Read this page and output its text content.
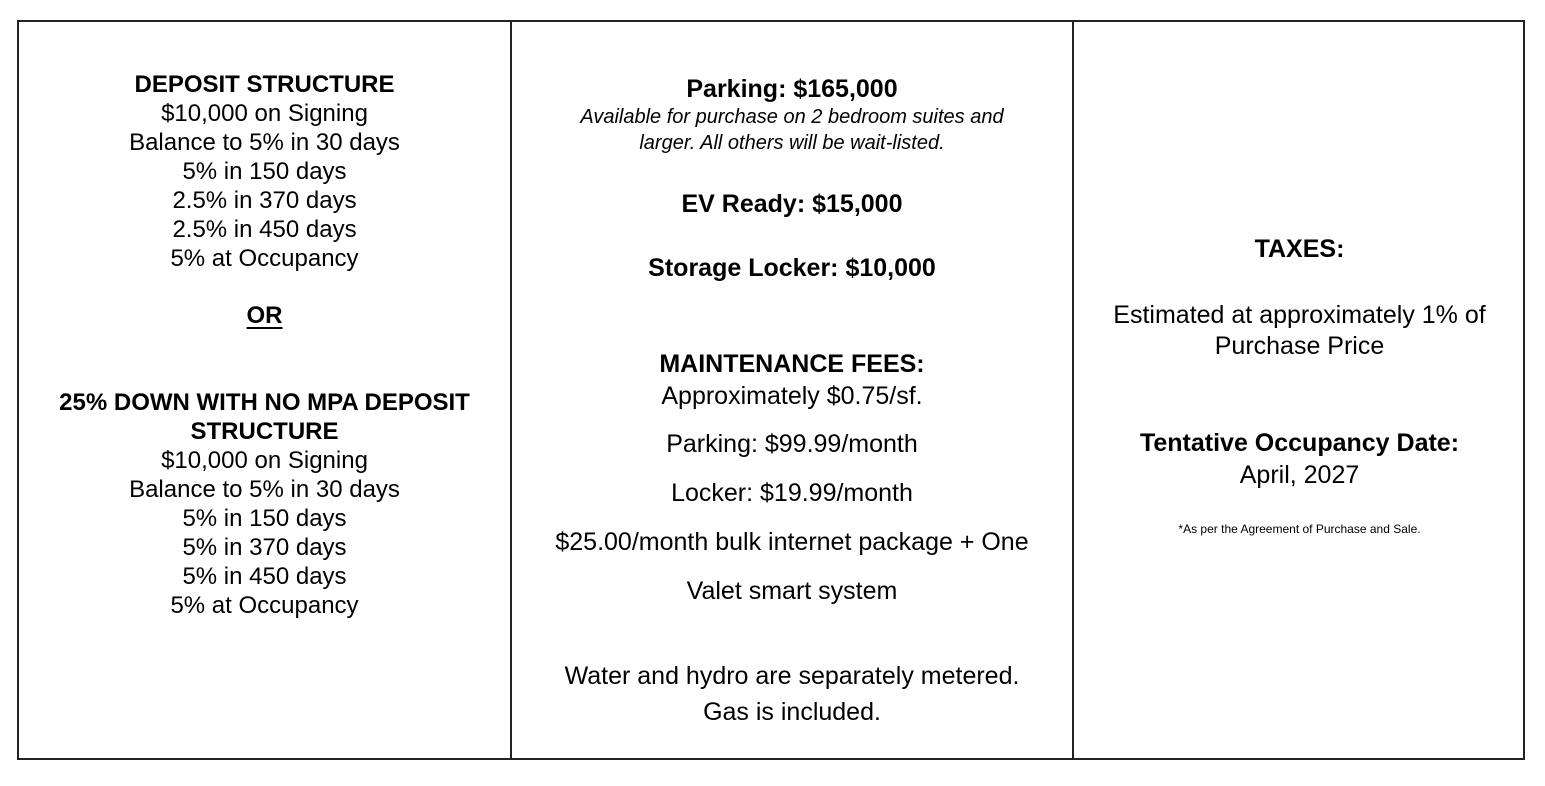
DEPOSIT STRUCTURE
$10,000 on Signing
Balance to 5% in 30 days
5% in 150 days
2.5% in 370 days
2.5% in 450 days
5% at Occupancy
OR
25% DOWN WITH NO MPA DEPOSIT
STRUCTURE
$10,000 on Signing
Balance to 5% in 30 days
5% in 150 days
5% in 370 days
5% in 450 days
5% at Occupancy
Parking: $165,000
Available for purchase on 2 bedroom suites and
larger. All others will be wait-listed.
EV Ready: $15,000
Storage Locker: $10,000
MAINTENANCE FEES:
Approximately $0.75/sf.
Parking: $99.99/month
Locker: $19.99/month
$25.00/month bulk internet package + One
Valet smart system
Water and hydro are separately metered.
Gas is included.
TAXES:
Estimated at approximately 1% of
Purchase Price
Tentative Occupancy Date:
April, 2027
*As per the Agreement of Purchase and Sale.
